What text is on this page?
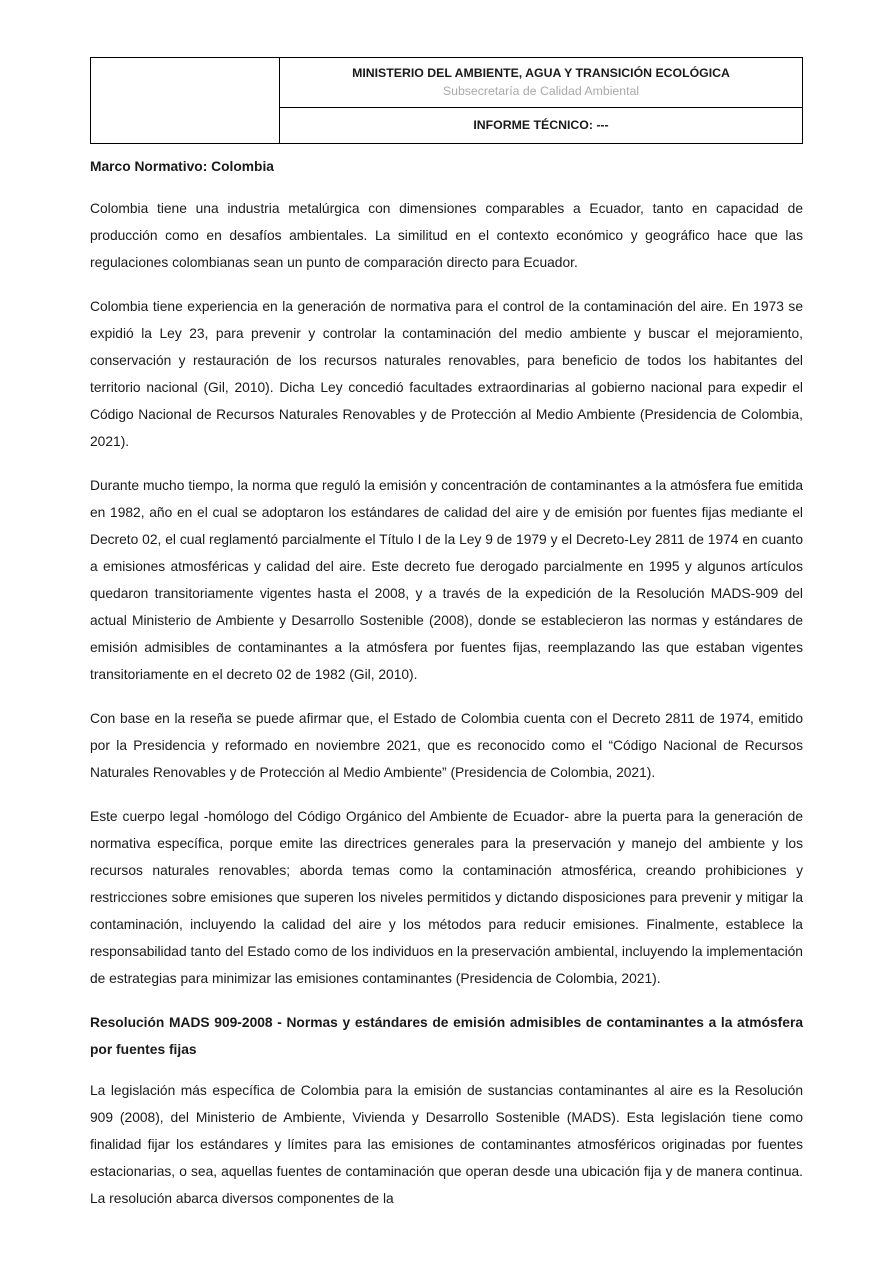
MINISTERIO DEL AMBIENTE, AGUA Y TRANSICIÓN ECOLÓGICA
Subsecretaría de Calidad Ambiental

INFORME TÉCNICO: ---
Marco Normativo: Colombia

Colombia tiene una industria metalúrgica con dimensiones comparables a Ecuador, tanto en capacidad de producción como en desafíos ambientales. La similitud en el contexto económico y geográfico hace que las regulaciones colombianas sean un punto de comparación directo para Ecuador.

Colombia tiene experiencia en la generación de normativa para el control de la contaminación del aire. En 1973 se expidió la Ley 23, para prevenir y controlar la contaminación del medio ambiente y buscar el mejoramiento, conservación y restauración de los recursos naturales renovables, para beneficio de todos los habitantes del territorio nacional (Gil, 2010). Dicha Ley concedió facultades extraordinarias al gobierno nacional para expedir el Código Nacional de Recursos Naturales Renovables y de Protección al Medio Ambiente (Presidencia de Colombia, 2021).

Durante mucho tiempo, la norma que reguló la emisión y concentración de contaminantes a la atmósfera fue emitida en 1982, año en el cual se adoptaron los estándares de calidad del aire y de emisión por fuentes fijas mediante el Decreto 02, el cual reglamentó parcialmente el Título I de la Ley 9 de 1979 y el Decreto-Ley 2811 de 1974 en cuanto a emisiones atmosféricas y calidad del aire. Este decreto fue derogado parcialmente en 1995 y algunos artículos quedaron transitoriamente vigentes hasta el 2008, y a través de la expedición de la Resolución MADS-909 del actual Ministerio de Ambiente y Desarrollo Sostenible (2008), donde se establecieron las normas y estándares de emisión admisibles de contaminantes a la atmósfera por fuentes fijas, reemplazando las que estaban vigentes transitoriamente en el decreto 02 de 1982 (Gil, 2010).

Con base en la reseña se puede afirmar que, el Estado de Colombia cuenta con el Decreto 2811 de 1974, emitido por la Presidencia y reformado en noviembre 2021, que es reconocido como el “Código Nacional de Recursos Naturales Renovables y de Protección al Medio Ambiente” (Presidencia de Colombia, 2021).

Este cuerpo legal -homólogo del Código Orgánico del Ambiente de Ecuador- abre la puerta para la generación de normativa específica, porque emite las directrices generales para la preservación y manejo del ambiente y los recursos naturales renovables; aborda temas como la contaminación atmosférica, creando prohibiciones y restricciones sobre emisiones que superen los niveles permitidos y dictando disposiciones para prevenir y mitigar la contaminación, incluyendo la calidad del aire y los métodos para reducir emisiones. Finalmente, establece la responsabilidad tanto del Estado como de los individuos en la preservación ambiental, incluyendo la implementación de estrategias para minimizar las emisiones contaminantes (Presidencia de Colombia, 2021).

Resolución MADS 909-2008 - Normas y estándares de emisión admisibles de contaminantes a la atmósfera por fuentes fijas

La legislación más específica de Colombia para la emisión de sustancias contaminantes al aire es la Resolución 909 (2008), del Ministerio de Ambiente, Vivienda y Desarrollo Sostenible (MADS). Esta legislación tiene como finalidad fijar los estándares y límites para las emisiones de contaminantes atmosféricos originadas por fuentes estacionarias, o sea, aquellas fuentes de contaminación que operan desde una ubicación fija y de manera continua. La resolución abarca diversos componentes de la
